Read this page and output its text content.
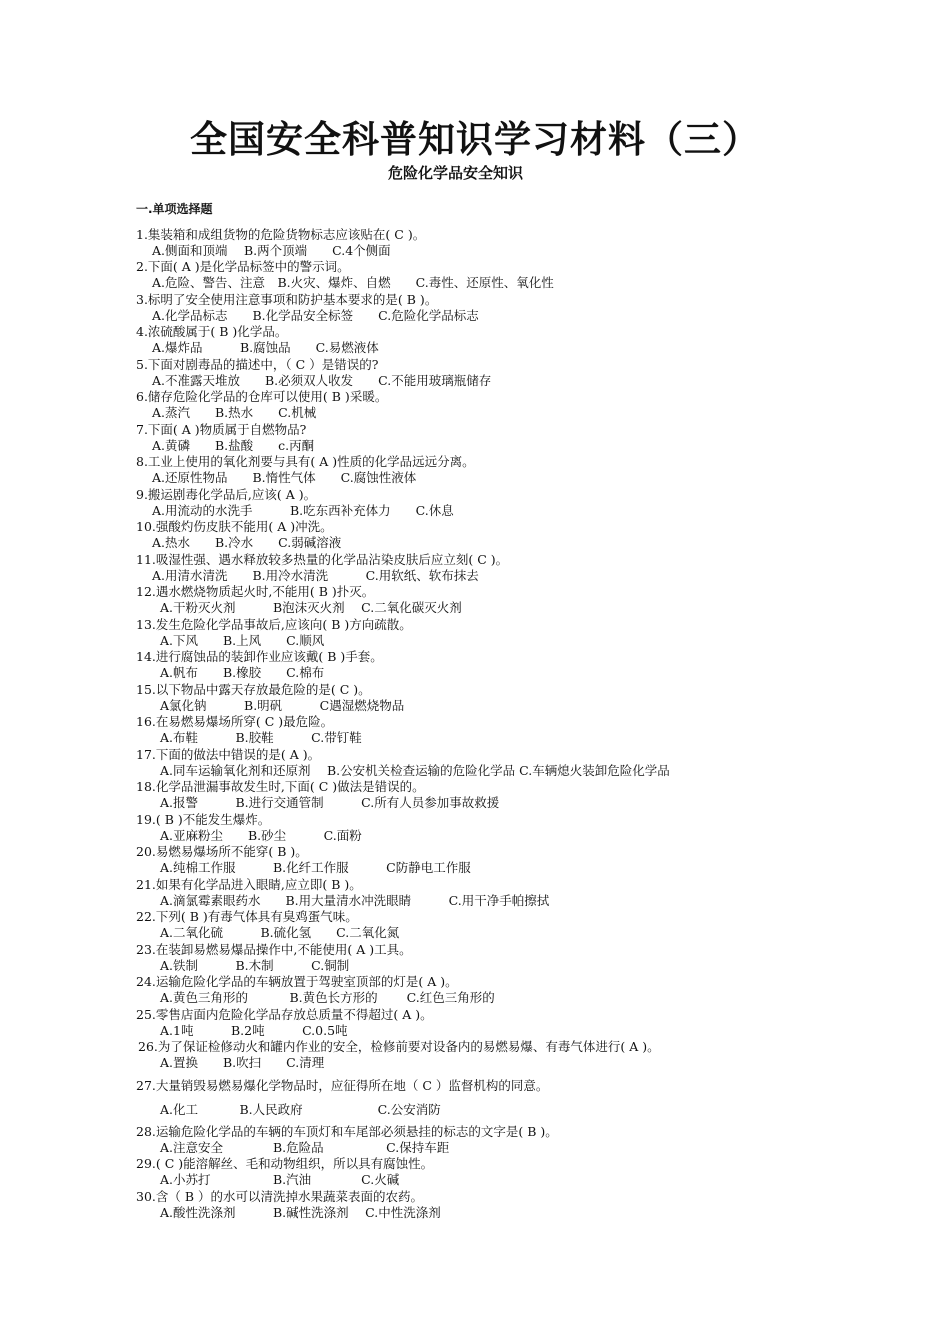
全国安全科普知识学习材料（三）
危险化学品安全知识
一.单项选择题
1.集装箱和成组货物的危险货物标志应该贴在( C )。
A.侧面和顶端　 B.两个顶端　　C.4个侧面
2.下面( A )是化学品标签中的警示词。
A.危险、警告、注意　B.火灾、爆炸、自燃　　C.毒性、还原性、氧化性
3.标明了安全使用注意事项和防护基本要求的是( B )。
A.化学品标志　　B.化学品安全标签　　C.危险化学品标志
4.浓硫酸属于( B )化学品。
A.爆炸品　　　B.腐蚀品　　C.易燃液体
5.下面对剧毒品的描述中，（ C ）是错误的?
A.不准露天堆放　　B.必须双人收发　　C.不能用玻璃瓶储存
6.储存危险化学品的仓库可以使用( B )采暖。
A.蒸汽　　B.热水　　C.机械
7.下面( A )物质属于自燃物品?
A.黄磷　　B.盐酸　　c.丙酮
8.工业上使用的氧化剂要与具有( A )性质的化学品远远分离。
A.还原性物品　　B.惰性气体　　C.腐蚀性液体
9.搬运剧毒化学品后,应该( A )。
A.用流动的水洗手　　　B.吃东西补充体力　　C.休息
10.强酸灼伤皮肤不能用( A )冲洗。
A.热水　　B.冷水　　C.弱碱溶液
11.吸湿性强、遇水释放较多热量的化学品沾染皮肤后应立刻( C )。
A.用清水清洗　　B.用冷水清洗　　　C.用软纸、软布抹去
12.遇水燃烧物质起火时,不能用( B )扑灭。
A.干粉灭火剂　　　B泡沫灭火剂　 C.二氧化碳灭火剂
13.发生危险化学品事故后,应该向( B )方向疏散。
A.下风　　B.上风　　C.顺风
14.进行腐蚀品的装卸作业应该戴( B )手套。
A.帆布　　B.橡胶　　C.棉布
15.以下物品中露天存放最危险的是( C )。
A氯化钠　　　B.明矾　　　C遇湿燃烧物品
16.在易燃易爆场所穿( C )最危险。
A.布鞋　　　B.胶鞋　　　C.带钉鞋
17.下面的做法中错误的是( A )。
A.同车运输氧化剂和还原剂　 B.公安机关检查运输的危险化学品 C.车辆熄火装卸危险化学品
18.化学品泄漏事故发生时,下面( C )做法是错误的。
A.报警　　　B.进行交通管制　　　C.所有人员参加事故救援
19.( B )不能发生爆炸。
A.亚麻粉尘　　B.砂尘　　　C.面粉
20.易燃易爆场所不能穿( B )。
A.纯棉工作服　　　B.化纤工作服　　　C防静电工作服
21.如果有化学品进入眼睛,应立即( B )。
A.滴氯霉素眼药水　　B.用大量清水冲洗眼睛　　　C.用干净手帕擦拭
22.下列( B )有毒气体具有臭鸡蛋气味。
A.二氧化硫　　　B.硫化氢　　C.二氧化氮
23.在装卸易燃易爆品操作中,不能使用( A )工具。
A.铁制　　　B.木制　　　C.铜制
24.运输危险化学品的车辆放置于驾驶室顶部的灯是( A )。
A.黄色三角形的　　　 B.黄色长方形的　　 C.红色三角形的
25.零售店面内危险化学品存放总质量不得超过( A )。
A.1吨　　　B.2吨　　　C.0.5吨
26.为了保证检修动火和罐内作业的安全，检修前要对设备内的易燃易爆、有毒气体进行( A )。
A.置换　　B.吹扫　　C.清理
27.大量销毁易燃易爆化学物品时，应征得所在地（ C ）监督机构的同意。
A.化工　　　 B.人民政府　　　　　　C.公安消防
28.运输危险化学品的车辆的车顶灯和车尾部必须悬挂的标志的文字是( B )。
A.注意安全　　　　B.危险品　　　　　C.保持车距
29.( C )能溶解丝、毛和动物组织，所以具有腐蚀性。
A.小苏打　　　　　B.汽油　　　　C.火碱
30.含（ B ）的水可以清洗掉水果蔬菜表面的农药。
A.酸性洗涤剂　　　B.碱性洗涤剂　 C.中性洗涤剂
